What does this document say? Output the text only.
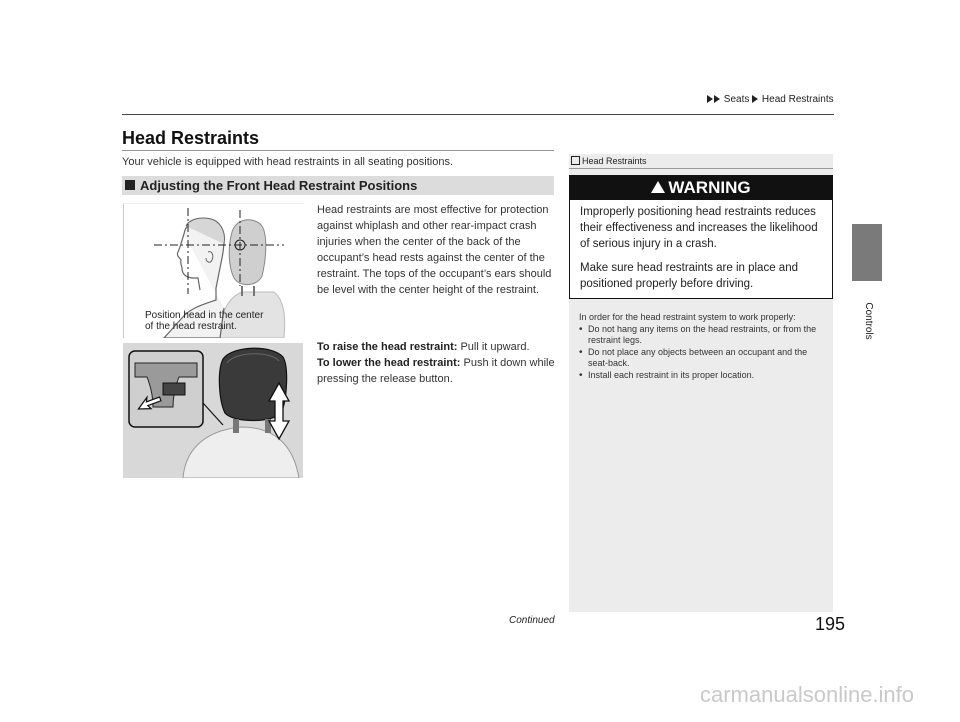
Seats Head Restraints
Controls
Head Restraints
Your vehicle is equipped with head restraints in all seating positions.
Adjusting the Front Head Restraint Positions
Position head in the center
of the head restraint.
Head restraints are most effective for protection against whiplash and other rear-impact crash injuries when the center of the back of the occupant’s head rests against the center of the restraint. The tops of the occupant’s ears should be level with the center height of the restraint.
To raise the head restraint: Pull it upward.
To lower the head restraint: Push it down while pressing the release button.
Head Restraints
WARNING
Improperly positioning head restraints reduces their effectiveness and increases the likelihood of serious injury in a crash.
Make sure head restraints are in place and positioned properly before driving.
In order for the head restraint system to work properly:
• Do not hang any items on the head restraints, or from the restraint legs.
• Do not place any objects between an occupant and the seat-back.
• Install each restraint in its proper location.
Continued	195
carmanualsonline.info
